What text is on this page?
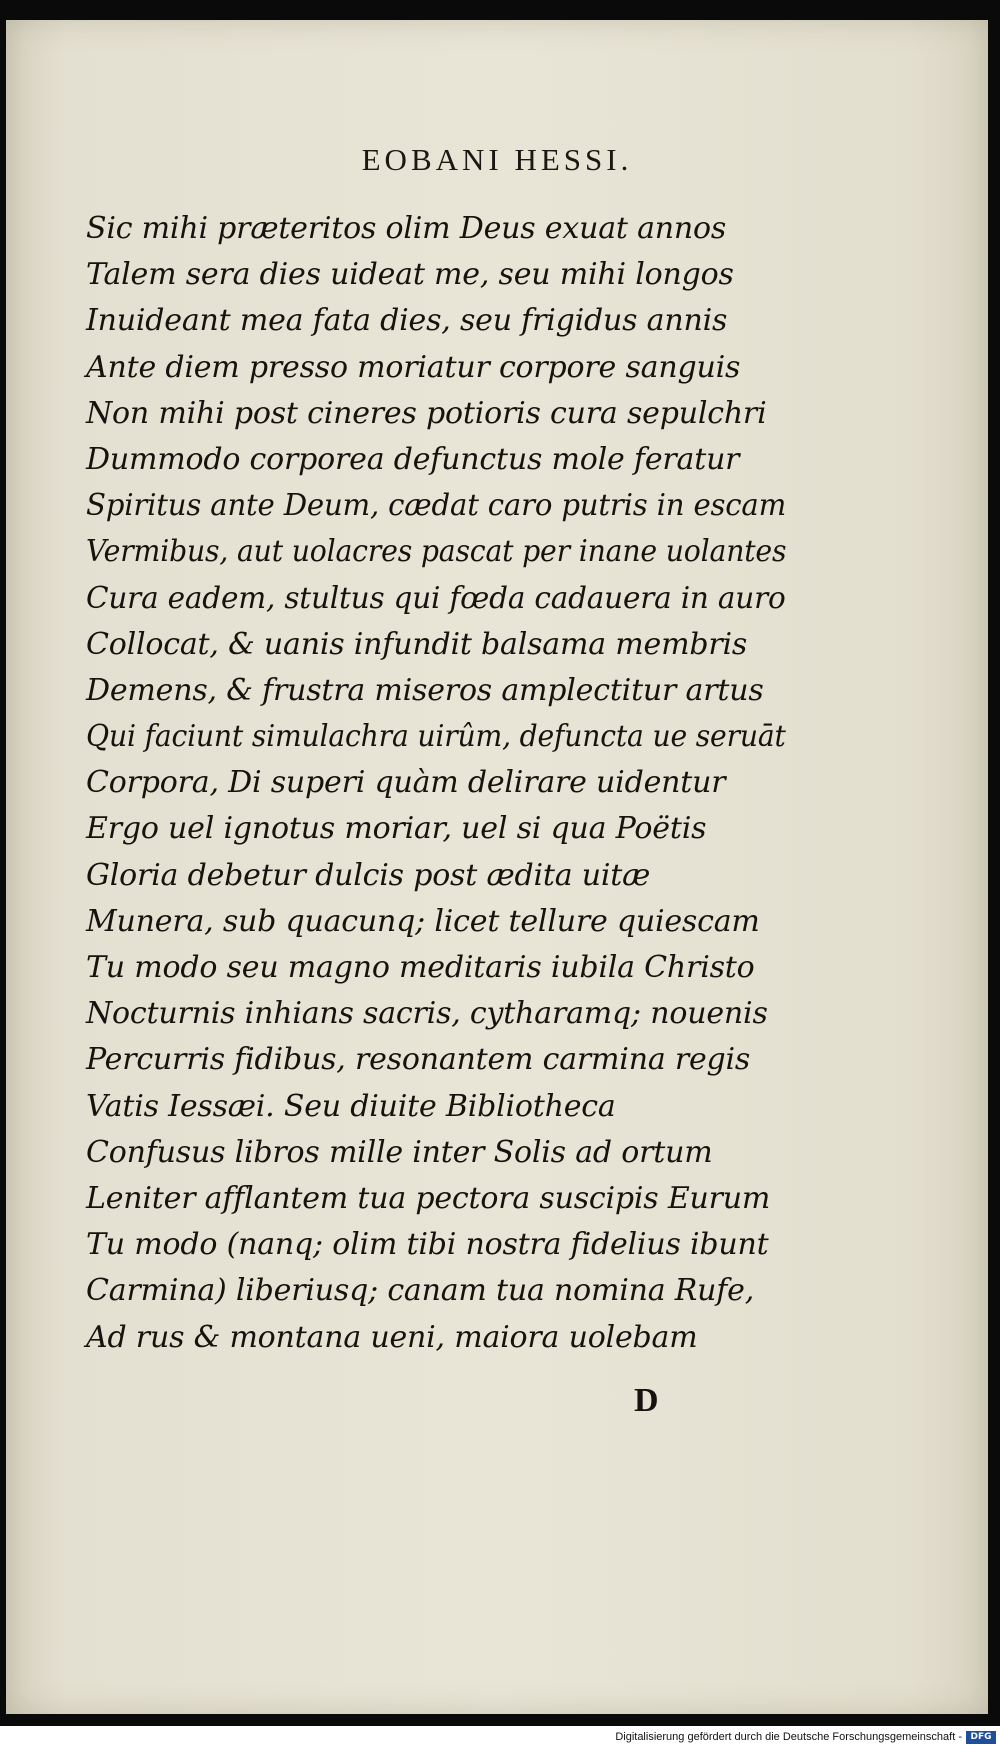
EOBANI HESSI.
Sic mihi præteritos olim Deus exuat annos
Talem sera dies uideat me, seu mihi longos
Inuideant mea fata dies, seu frigidus annis
Ante diem presso moriatur corpore sanguis
Non mihi post cineres potioris cura sepulchri
Dummodo corporea defunctus mole feratur
Spiritus ante Deum, cædat caro putris in escam
Vermibus, aut uolacres pascat per inane uolantes
Cura eadem, stultus qui fœda cadauera in auro
Collocat, & uanis infundit balsama membris
Demens, & frustra miseros amplectitur artus
Qui faciunt simulachra uirûm, defuncta ue seruāt
Corpora, Di superi quàm delirare uidentur
Ergo uel ignotus moriar, uel si qua Poëtis
Gloria debetur dulcis post ædita uitæ
Munera, sub quacunq; licet tellure quiescam
Tu modo seu magno meditaris iubila Christo
Nocturnis inhians sacris, cytharamq; nouenis
Percurris fidibus, resonantem carmina regis
Vatis Iessæi. Seu diuite Bibliotheca
Confusus libros mille inter Solis ad ortum
Leniter afflantem tua pectora suscipis Eurum
Tu modo (nanq; olim tibi nostra fidelius ibunt
Carmina) liberiusq; canam tua nomina Rufe,
Ad rus & montana ueni, maiora uolebam
D
Digitalisierung gefördert durch die Deutsche Forschungsgemeinschaft - DFG
